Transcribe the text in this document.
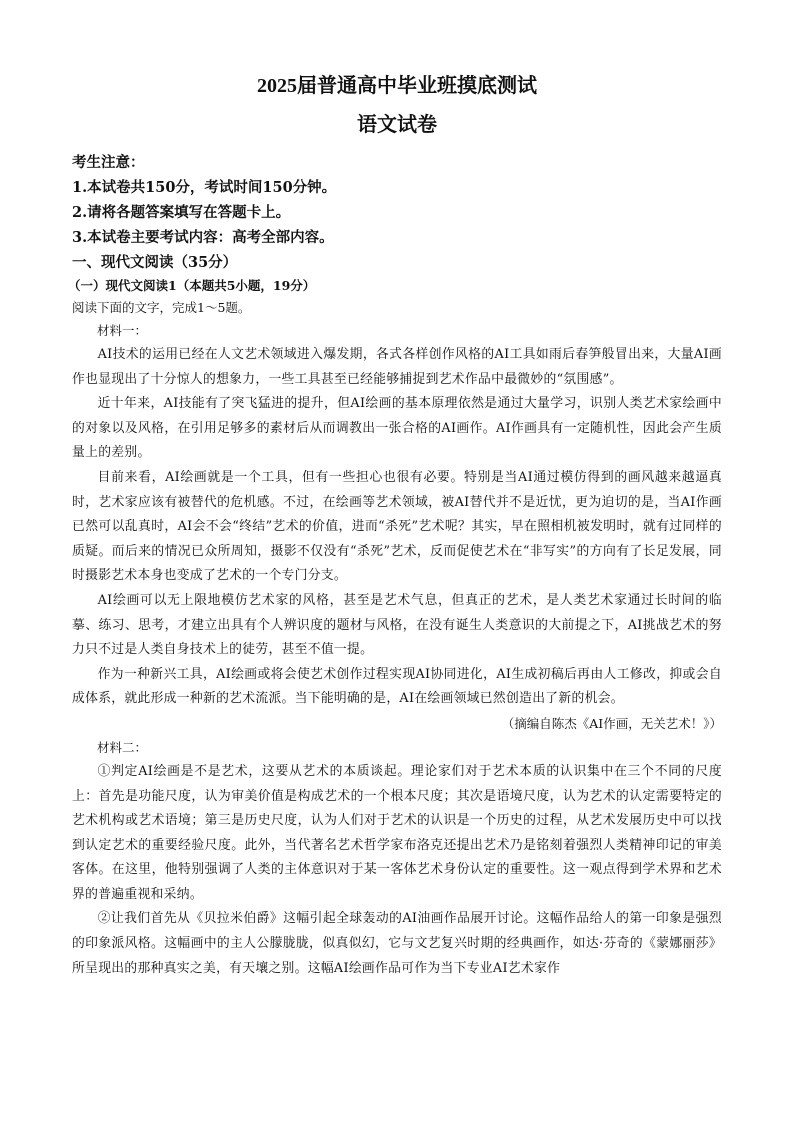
2025届普通高中毕业班摸底测试
语文试卷
考生注意：
1.本试卷共150分，考试时间150分钟。
2.请将各题答案填写在答题卡上。
3.本试卷主要考试内容：高考全部内容。
一、现代文阅读（35分）
（一）现代文阅读1（本题共5小题，19分）
阅读下面的文字，完成1～5题。
材料一：

AI技术的运用已经在人文艺术领域进入爆发期，各式各样创作风格的AI工具如雨后春笋般冒出来，大量AI画作也显现出了十分惊人的想象力，一些工具甚至已经能够捕捉到艺术作品中最微妙的“氛围感”。

近十年来，AI技能有了突飞猛进的提升，但AI绘画的基本原理依然是通过大量学习，识别人类艺术家绘画中的对象以及风格，在引用足够多的素材后从而调教出一张合格的AI画作。AI作画具有一定随机性，因此会产生质量上的差别。

目前来看，AI绘画就是一个工具，但有一些担心也很有必要。特别是当AI通过模仿得到的画风越来越逼真时，艺术家应该有被替代的危机感。不过，在绘画等艺术领域，被AI替代并不是近忧，更为迫切的是，当AI作画已然可以乱真时，AI会不会“终结”艺术的价值，进而“杀死”艺术呢？其实，早在照相机被发明时，就有过同样的质疑。而后来的情况已众所周知，摄影不仅没有“杀死”艺术，反而促使艺术在“非写实”的方向有了长足发展，同时摄影艺术本身也变成了艺术的一个专门分支。

AI绘画可以无上限地模仿艺术家的风格，甚至是艺术气息，但真正的艺术，是人类艺术家通过长时间的临摹、练习、思考，才建立出具有个人辨识度的题材与风格，在没有诞生人类意识的大前提之下，AI挑战艺术的努力只不过是人类自身技术上的徒劳，甚至不值一提。

作为一种新兴工具，AI绘画或将会使艺术创作过程实现AI协同进化，AI生成初稿后再由人工修改，抑或会自成体系，就此形成一种新的艺术流派。当下能明确的是，AI在绘画领域已然创造出了新的机会。

（摘编自陈杰《AI作画，无关艺术！》）
材料二：

①判定AI绘画是不是艺术，这要从艺术的本质谈起。理论家们对于艺术本质的认识集中在三个不同的尺度上：首先是功能尺度，认为审美价值是构成艺术的一个根本尺度；其次是语境尺度，认为艺术的认定需要特定的艺术机构或艺术语境；第三是历史尺度，认为人们对于艺术的认识是一个历史的过程，从艺术发展历史中可以找到认定艺术的重要经验尺度。此外，当代著名艺术哲学家布洛克还提出艺术乃是铭刻着强烈人类精神印记的审美客体。在这里，他特别强调了人类的主体意识对于某一客体艺术身份认定的重要性。这一观点得到学术界和艺术界的普遍重视和采纳。

②让我们首先从《贝拉米伯爵》这幅引起全球轰动的AI油画作品展开讨论。这幅作品给人的第一印象是强烈的印象派风格。这幅画中的主人公朦胧胧，似真似幻，它与文艺复兴时期的经典画作，如达·芬奇的《蒙娜丽莎》所呈现出的那种真实之美，有天壤之别。这幅AI绘画作品可作为当下专业AI艺术家作
